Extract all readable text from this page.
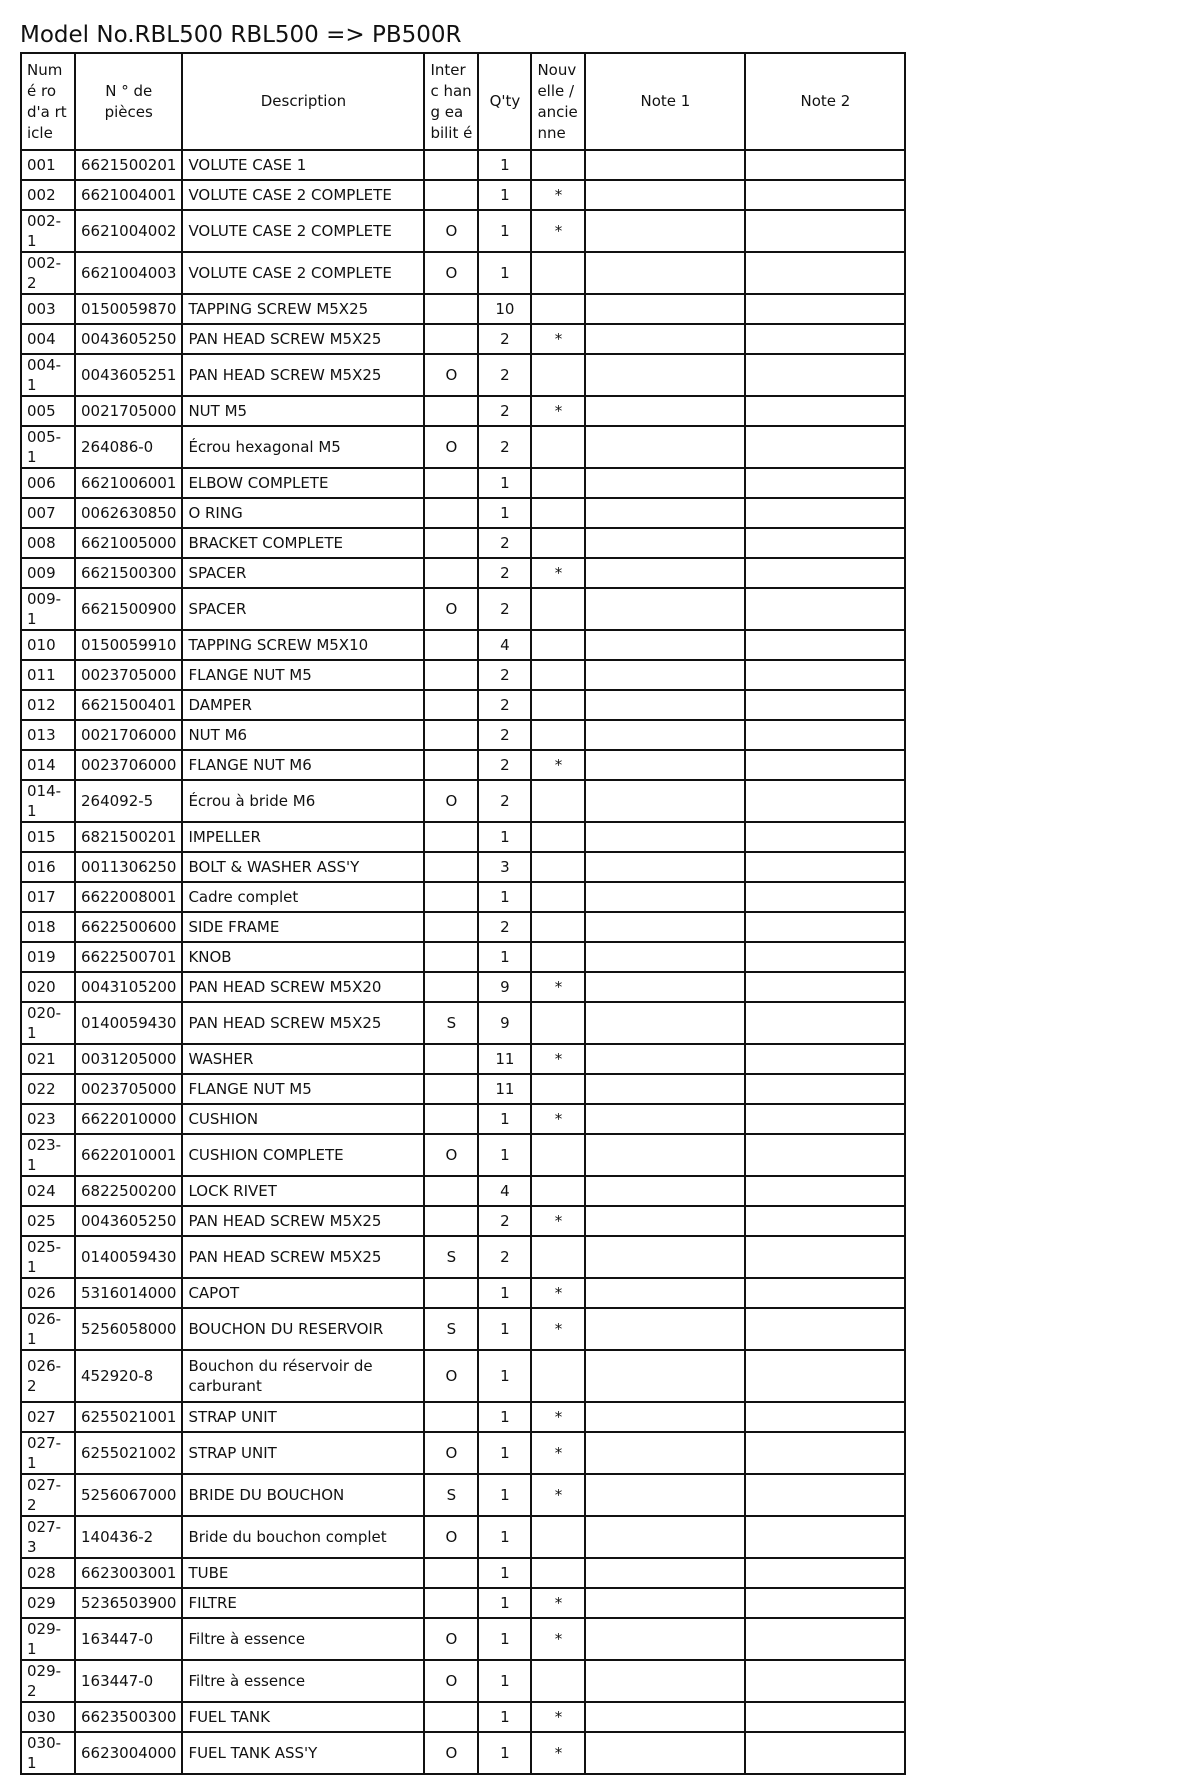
Model No.RBL500 RBL500 => PB500R
Numé ro d'a rticle	N ° de pièces	Description	Interc hang eabilit é	Q'ty	Nouv elle / ancie nne	Note 1	Note 2
001	6621500201	VOLUTE CASE 1		1			
002	6621004001	VOLUTE CASE 2 COMPLETE		1	*		
002-1	6621004002	VOLUTE CASE 2 COMPLETE	O	1	*		
002-2	6621004003	VOLUTE CASE 2 COMPLETE	O	1			
003	0150059870	TAPPING SCREW M5X25		10			
004	0043605250	PAN HEAD SCREW M5X25		2	*		
004-1	0043605251	PAN HEAD SCREW M5X25	O	2			
005	0021705000	NUT M5		2	*		
005-1	264086-0	Écrou hexagonal M5	O	2			
006	6621006001	ELBOW COMPLETE		1			
007	0062630850	O RING		1			
008	6621005000	BRACKET COMPLETE		2			
009	6621500300	SPACER		2	*		
009-1	6621500900	SPACER	O	2			
010	0150059910	TAPPING SCREW M5X10		4			
011	0023705000	FLANGE NUT M5		2			
012	6621500401	DAMPER		2			
013	0021706000	NUT M6		2			
014	0023706000	FLANGE NUT M6		2	*		
014-1	264092-5	Écrou à bride M6	O	2			
015	6821500201	IMPELLER		1			
016	0011306250	BOLT & WASHER ASS'Y		3			
017	6622008001	Cadre complet		1			
018	6622500600	SIDE FRAME		2			
019	6622500701	KNOB		1			
020	0043105200	PAN HEAD SCREW M5X20		9	*		
020-1	0140059430	PAN HEAD SCREW M5X25	S	9			
021	0031205000	WASHER		11	*		
022	0023705000	FLANGE NUT M5		11			
023	6622010000	CUSHION		1	*		
023-1	6622010001	CUSHION COMPLETE	O	1			
024	6822500200	LOCK RIVET		4			
025	0043605250	PAN HEAD SCREW M5X25		2	*		
025-1	0140059430	PAN HEAD SCREW M5X25	S	2			
026	5316014000	CAPOT		1	*		
026-1	5256058000	BOUCHON DU RESERVOIR	S	1	*		
026-2	452920-8	Bouchon du réservoir de carburant	O	1			
027	6255021001	STRAP UNIT		1	*		
027-1	6255021002	STRAP UNIT	O	1	*		
027-2	5256067000	BRIDE DU BOUCHON	S	1	*		
027-3	140436-2	Bride du bouchon complet	O	1			
028	6623003001	TUBE		1			
029	5236503900	FILTRE		1	*		
029-1	163447-0	Filtre à essence	O	1	*		
029-2	163447-0	Filtre à essence	O	1			
030	6623500300	FUEL TANK		1	*		
030-1	6623004000	FUEL TANK ASS'Y	O	1	*		
